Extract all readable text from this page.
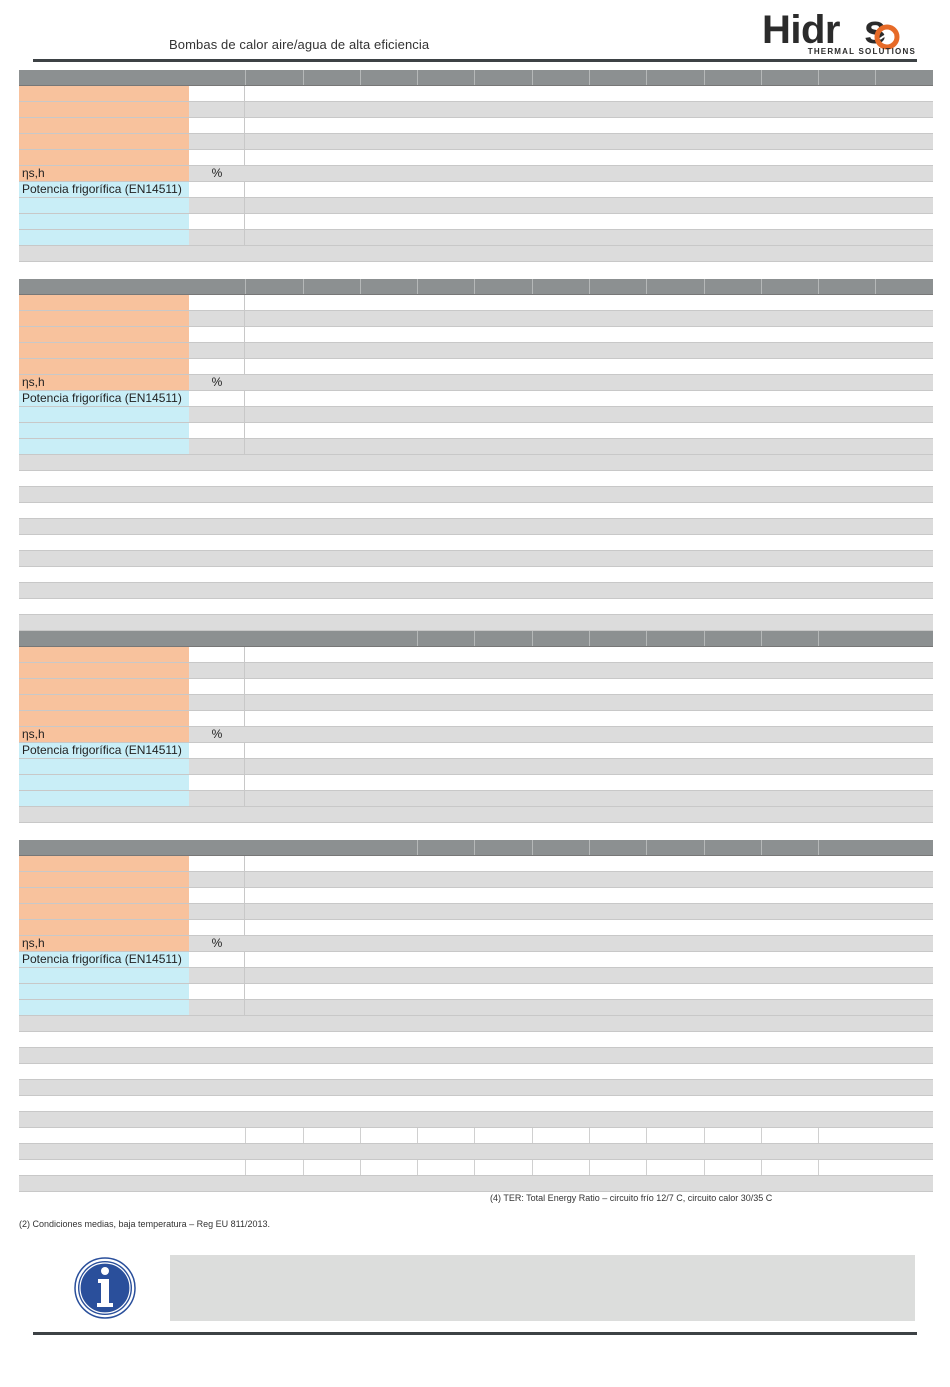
Bombas de calor aire/agua de alta eficiencia	Hidr s
THERMAL SOLUTIONS
ηs,h	%
Potencia frigorífica (EN14511)
ηs,h	%
Potencia frigorífica (EN14511)
ηs,h	%
Potencia frigorífica (EN14511)
ηs,h	%
Potencia frigorífica (EN14511)
(4) TER: Total Energy Ratio – circuito frío 12/7 C, circuito calor 30/35 C
(2) Condiciones medias, baja temperatura – Reg EU 811/2013.
